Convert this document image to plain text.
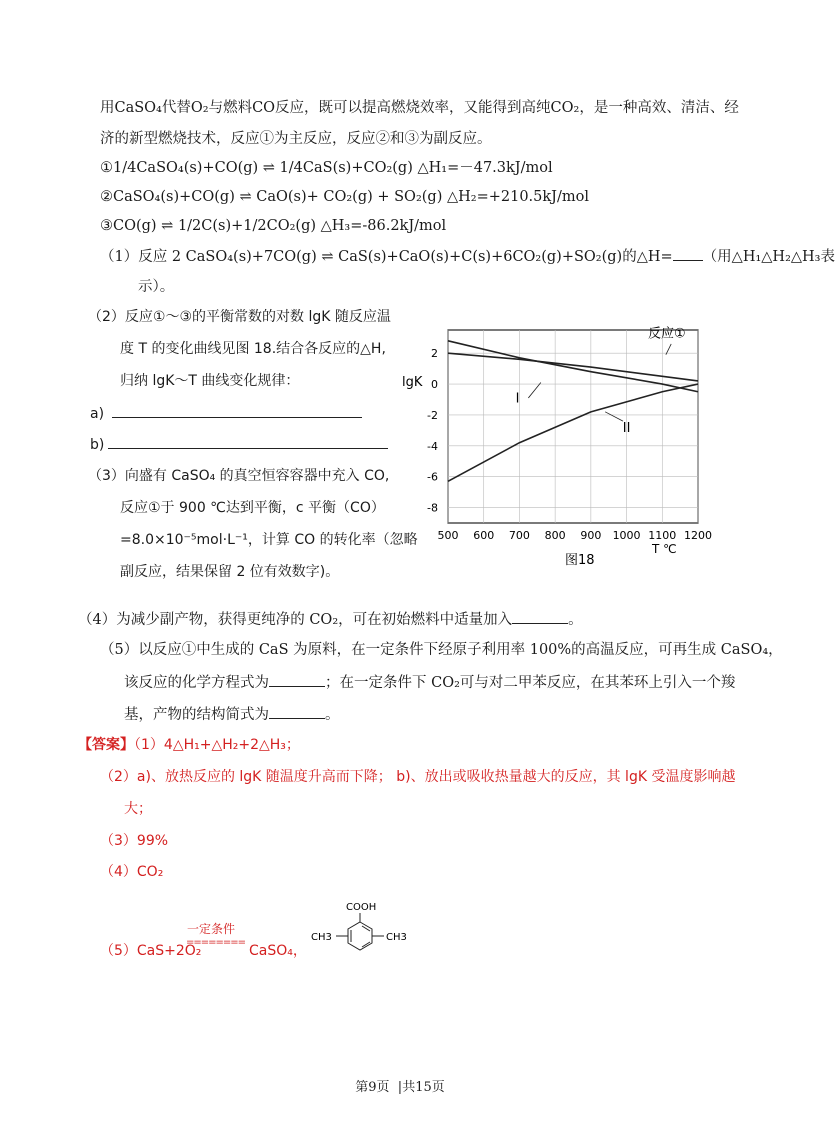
用CaSO₄代替O₂与燃料CO反应，既可以提高燃烧效率，又能得到高纯CO₂，是一种高效、清洁、经
济的新型燃烧技术，反应①为主反应，反应②和③为副反应。
①1/4CaSO₄(s)+CO(g) ⇌ 1/4CaS(s)+CO₂(g) △H₁=－47.3kJ/mol
②CaSO₄(s)+CO(g) ⇌ CaO(s)+ CO₂(g) + SO₂(g) △H₂=+210.5kJ/mol
③CO(g) ⇌ 1/2C(s)+1/2CO₂(g) △H₃=-86.2kJ/mol
（1）反应 2 CaSO₄(s)+7CO(g) ⇌ CaS(s)+CaO(s)+C(s)+6CO₂(g)+SO₂(g)的△H= （用△H₁△H₂△H₃表
示）。
（2）反应①～③的平衡常数的对数 lgK 随反应温
度 T 的变化曲线见图 18.结合各反应的△H,
归纳 lgK～T 曲线变化规律：
a)
b)
（3）向盛有 CaSO₄ 的真空恒容容器中充入 CO,
反应①于 900 ℃达到平衡，c 平衡（CO）
=8.0×10⁻⁵mol·L⁻¹，计算 CO 的转化率（忽略
副反应，结果保留 2 位有效数字)。
500 600 700 800 900 1000 1100 1200
2
0
-2
-4
-6
-8
反应①
I
II
lgK
T ℃
图18
（4）为减少副产物，获得更纯净的 CO₂，可在初始燃料中适量加入	。
（5）以反应①中生成的 CaS 为原料，在一定条件下经原子利用率 100%的高温反应，可再生成 CaSO₄，
该反应的化学方程式为	；在一定条件下 CO₂可与对二甲苯反应，在其苯环上引入一个羧
基，产物的结构简式为	。
【答案】（1）4△H₁+△H₂+2△H₃；
（2）a)、放热反应的 lgK 随温度升高而下降； b)、放出或吸收热量越大的反应，其 lgK 受温度影响越
大；
（3）99%
（4）CO₂
（5）CaS+2O₂
一定条件
========
CaSO₄，
COOH
CH3	CH3
第9页 |共15页
